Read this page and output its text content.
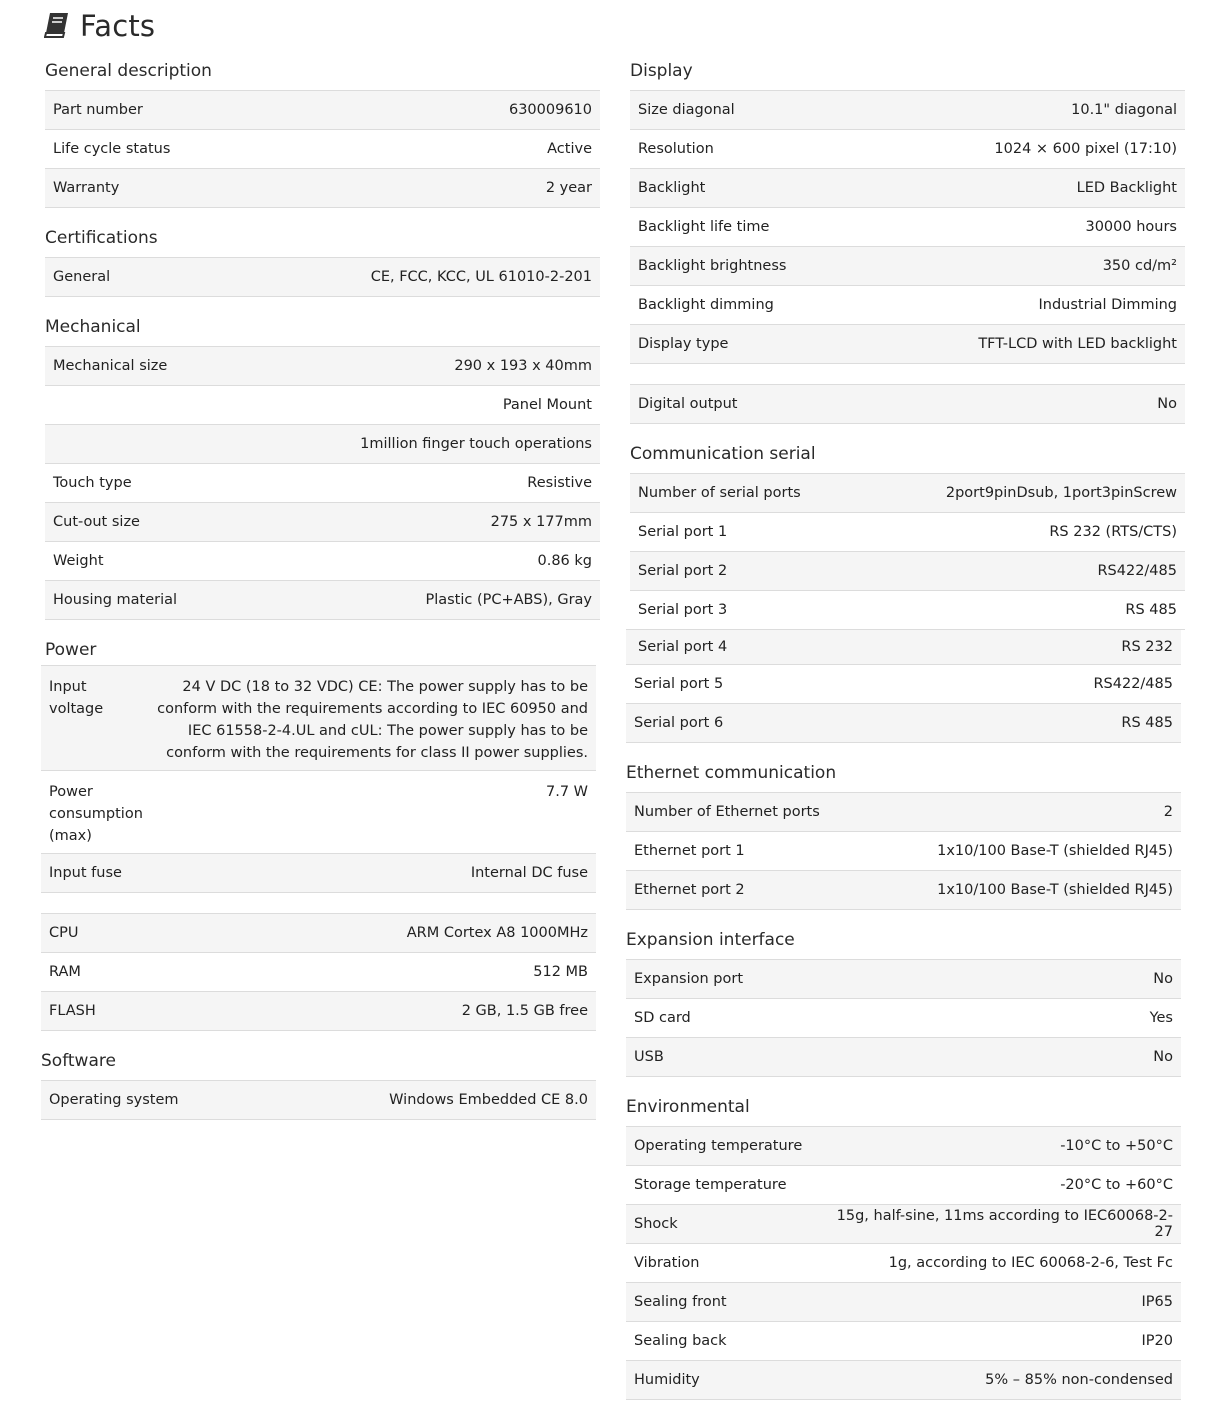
Facts
General description
Part number	630009610
Life cycle status	Active
Warranty	2 year
Certifications
General	CE, FCC, KCC, UL 61010-2-201
Mechanical
Mechanical size	290 x 193 x 40mm
	Panel Mount
	1million finger touch operations
Touch type	Resistive
Cut-out size	275 x 177mm
Weight	0.86 kg
Housing material	Plastic (PC+ABS), Gray
Power
Input voltage	24 V DC (18 to 32 VDC) CE: The power supply has to be conform with the requirements according to IEC 60950 and IEC 61558-2-4.UL and cUL: The power supply has to be conform with the requirements for class II power supplies.
Power consumption (max)	7.7 W
Input fuse	Internal DC fuse
CPU	ARM Cortex A8 1000MHz
RAM	512 MB
FLASH	2 GB, 1.5 GB free
Software
Operating system	Windows Embedded CE 8.0
Display
Size diagonal	10.1" diagonal
Resolution	1024 × 600 pixel (17:10)
Backlight	LED Backlight
Backlight life time	30000 hours
Backlight brightness	350 cd/m²
Backlight dimming	Industrial Dimming
Display type	TFT-LCD with LED backlight
Digital output	No
Communication serial
Number of serial ports	2port9pinDsub, 1port3pinScrew
Serial port 1	RS 232 (RTS/CTS)
Serial port 2	RS422/485
Serial port 3	RS 485
Serial port 4	RS 232
Serial port 5	RS422/485
Serial port 6	RS 485
Ethernet communication
Number of Ethernet ports	2
Ethernet port 1	1x10/100 Base-T (shielded RJ45)
Ethernet port 2	1x10/100 Base-T (shielded RJ45)
Expansion interface
Expansion port	No
SD card	Yes
USB	No
Environmental
Operating temperature	-10°C to +50°C
Storage temperature	-20°C to +60°C
Shock	15g, half-sine, 11ms according to IEC60068-2-27
Vibration	1g, according to IEC 60068-2-6, Test Fc
Sealing front	IP65
Sealing back	IP20
Humidity	5% – 85% non-condensed
